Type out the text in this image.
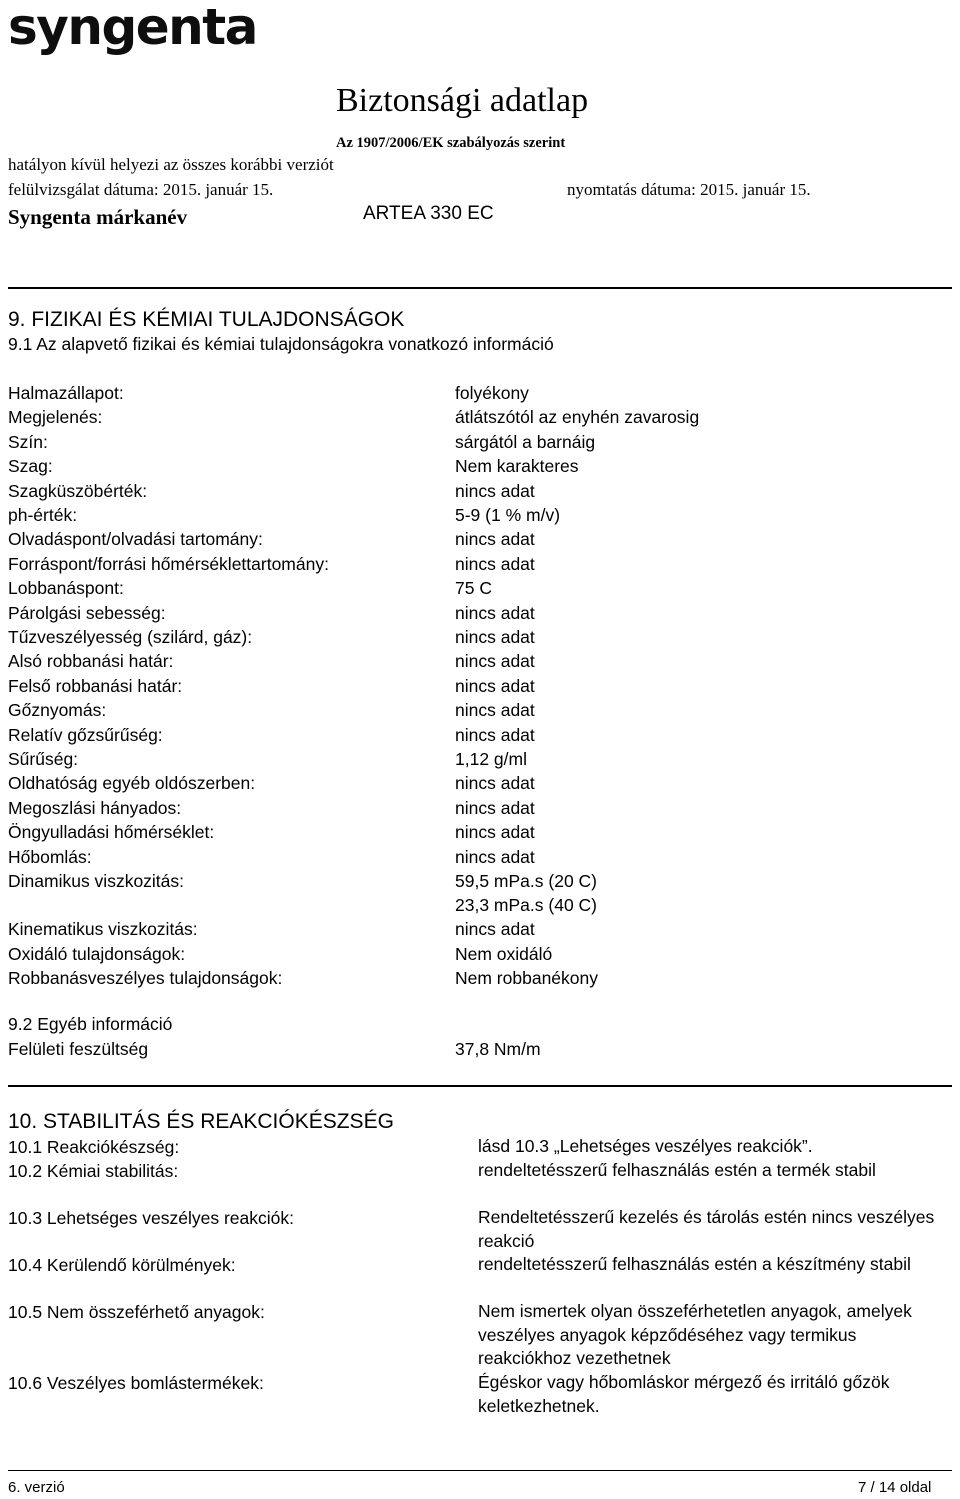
syngenta
Biztonsági adatlap
Az 1907/2006/EK szabályozás szerint
hatályon kívül helyezi az összes korábbi verziót
felülvizsgálat dátuma: 2015. január 15.	nyomtatás dátuma: 2015. január 15.
Syngenta márkanév	ARTEA 330 EC
9. FIZIKAI ÉS KÉMIAI TULAJDONSÁGOK
9.1 Az alapvető fizikai és kémiai tulajdonságokra vonatkozó információ
Halmazállapot:	folyékony
Megjelenés:	átlátszótól az enyhén zavarosig
Szín:	sárgától a barnáig
Szag:	Nem karakteres
Szagküszöbérték:	nincs adat
ph-érték:	5-9 (1 % m/v)
Olvadáspont/olvadási tartomány:	nincs adat
Forráspont/forrási hőmérséklettartomány:	nincs adat
Lobbanáspont:	75 C
Párolgási sebesség:	nincs adat
Tűzveszélyesség (szilárd, gáz):	nincs adat
Alsó robbanási határ:	nincs adat
Felső robbanási határ:	nincs adat
Gőznyomás:	nincs adat
Relatív gőzsűrűség:	nincs adat
Sűrűség:	1,12 g/ml
Oldhatóság egyéb oldószerben:	nincs adat
Megoszlási hányados:	nincs adat
Öngyulladási hőmérséklet:	nincs adat
Hőbomlás:	nincs adat
Dinamikus viszkozitás:	59,5 mPa.s (20 C)
23,3 mPa.s (40 C)
Kinematikus viszkozitás:	nincs adat
Oxidáló tulajdonságok:	Nem oxidáló
Robbanásveszélyes tulajdonságok:	Nem robbanékony
9.2 Egyéb információ
Felületi feszültség	37,8 Nm/m
10. STABILITÁS ÉS REAKCIÓKÉSZSÉG
10.1 Reakciókészség:	lásd 10.3 „Lehetséges veszélyes reakciók”.
10.2 Kémiai stabilitás:	rendeltetésszerű felhasználás estén a termék stabil
10.3 Lehetséges veszélyes reakciók:	Rendeltetésszerű kezelés és tárolás estén nincs veszélyes reakció
10.4 Kerülendő körülmények:	rendeltetésszerű felhasználás estén a készítmény stabil
10.5 Nem összeférhető anyagok:	Nem ismertek olyan összeférhetetlen anyagok, amelyek veszélyes anyagok képződéséhez vagy termikus reakciókhoz vezethetnek
10.6 Veszélyes bomlástermékek:	Égéskor vagy hőbomláskor mérgező és irritáló gőzök keletkezhetnek.
6. verzió	7 / 14 oldal
